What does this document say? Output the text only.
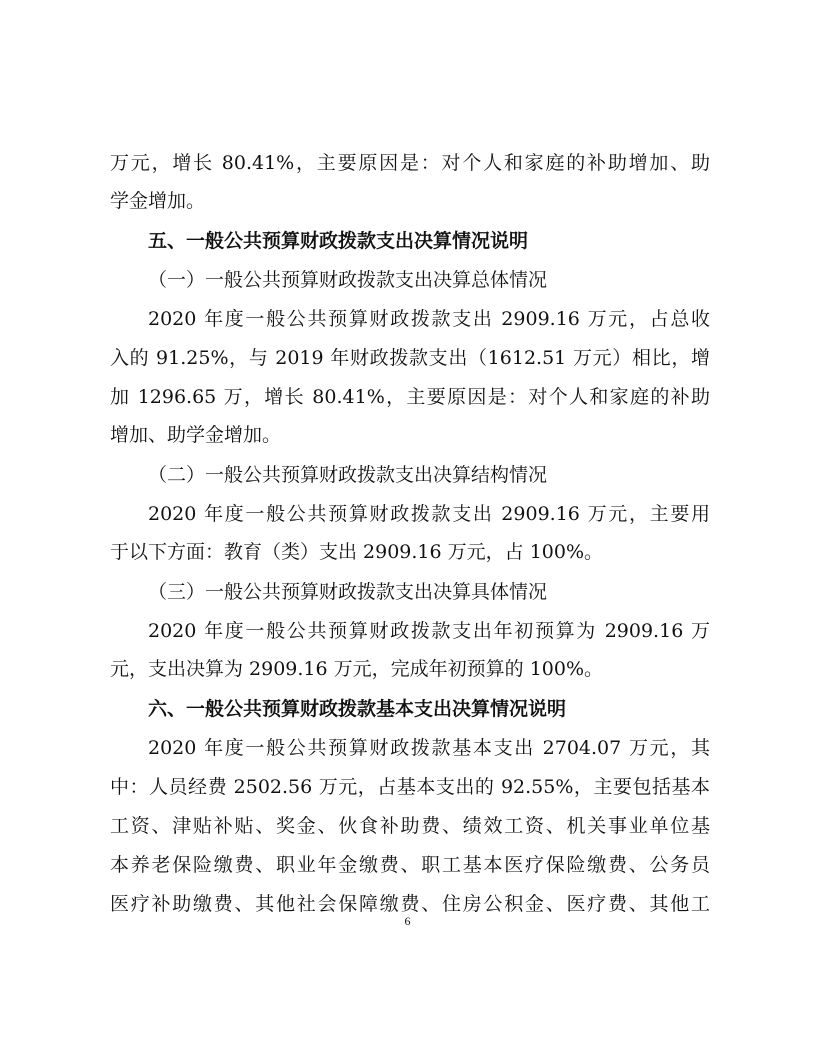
万元，增长 80.41%，主要原因是：对个人和家庭的补助增加、助
学金增加。
五、一般公共预算财政拨款支出决算情况说明
（一）一般公共预算财政拨款支出决算总体情况
2020 年度一般公共预算财政拨款支出 2909.16 万元，占总收
入的 91.25%，与 2019 年财政拨款支出（1612.51 万元）相比，增
加 1296.65 万，增长 80.41%，主要原因是：对个人和家庭的补助
增加、助学金增加。
（二）一般公共预算财政拨款支出决算结构情况
2020 年度一般公共预算财政拨款支出 2909.16 万元，主要用
于以下方面：教育（类）支出 2909.16 万元，占 100%。
（三）一般公共预算财政拨款支出决算具体情况
2020 年度一般公共预算财政拨款支出年初预算为 2909.16 万
元，支出决算为 2909.16 万元，完成年初预算的 100%。
六、一般公共预算财政拨款基本支出决算情况说明
2020 年度一般公共预算财政拨款基本支出 2704.07 万元，其
中：人员经费 2502.56 万元，占基本支出的 92.55%，主要包括基本
工资、津贴补贴、奖金、伙食补助费、绩效工资、机关事业单位基
本养老保险缴费、职业年金缴费、职工基本医疗保险缴费、公务员
医疗补助缴费、其他社会保障缴费、住房公积金、医疗费、其他工
6
